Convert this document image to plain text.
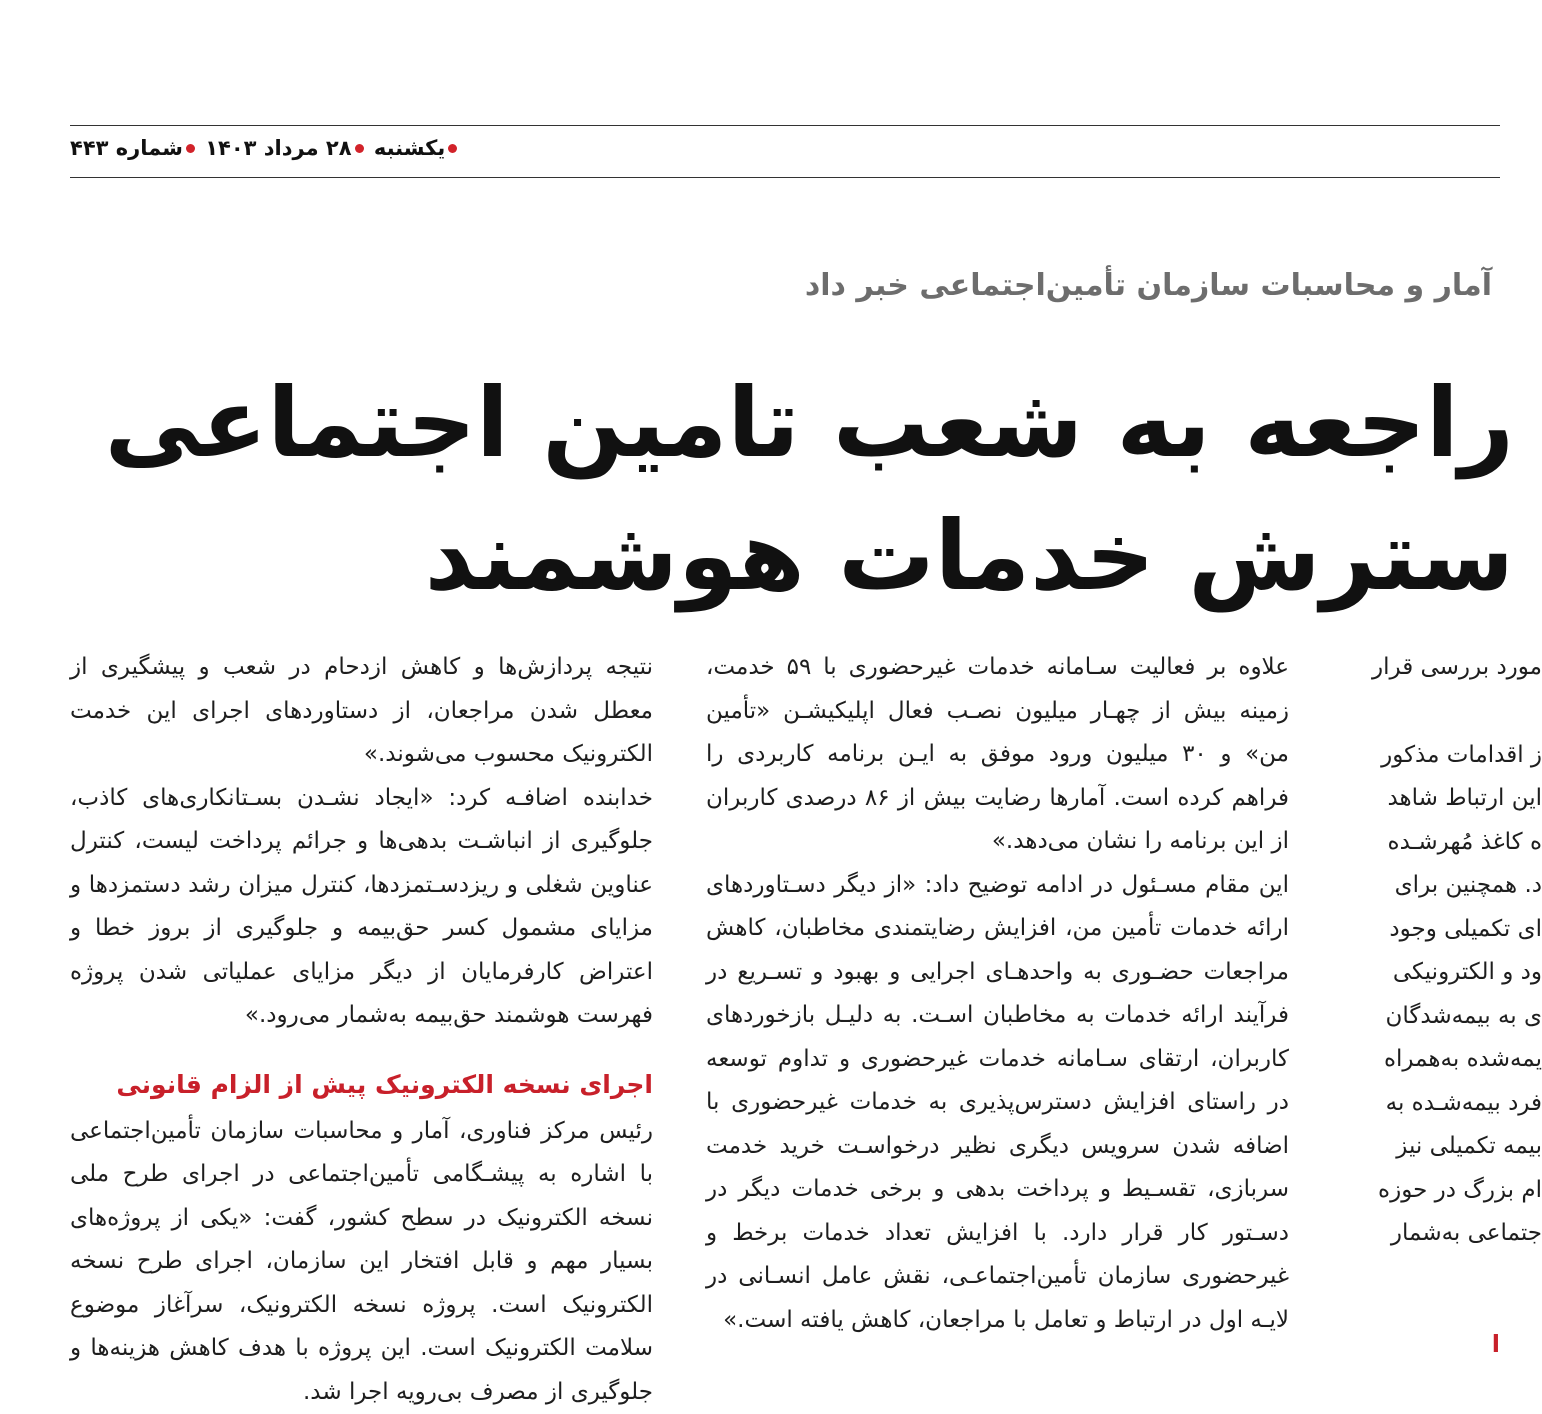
یکشنبه ۲۸ مرداد ۱۴۰۳ شماره ۴۴۳
آمار و محاسبات سازمان تأمین‌اجتماعی خبر داد
راجعه به شعب تامین اجتماعی
سترش خدمات هوشمند
مورد بررسی قرار
ز اقدامات مذکور
این ارتباط شاهد
ه کاغذ مُهرشـده
د. همچنین برای
ای تکمیلی وجود
ود و الکترونیکی
ی به بیمه‌شدگان
یمه‌شده به‌همراه
فرد بیمه‌شـده به
بیمه تکمیلی نیز
ام بزرگ در حوزه
جتماعی به‌شمار
ا

علاوه بر فعالیت سـامانه خدمات غیرحضوری با ۵۹ خدمت، زمینه بیش از چهـار میلیون نصـب فعال اپلیکیشـن «تأمین من» و ۳۰ میلیون ورود موفق به ایـن برنامه کاربردی را فراهم کرده است. آمارها رضایت بیش از ۸۶ درصدی کاربران از این برنامه را نشان می‌دهد.»

این مقام مسـئول در ادامه توضیح داد: «از دیگر دسـتاوردهای ارائه خدمات تأمین من، افزایش رضایتمندی مخاطبان، کاهش مراجعات حضـوری به واحدهـای اجرایی و بهبود و تسـریع در فرآیند ارائه خدمات به مخاطبان اسـت. به دلیـل بازخوردهای کاربران، ارتقای سـامانه خدمات غیرحضوری و تداوم توسعه در راستای افزایش دسترس‌پذیری به خدمات غیرحضوری با اضافه شدن سرویس دیگری نظیر درخواسـت خرید خدمت سربازی، تقسـیط و پرداخت بدهی و برخی خدمات دیگر در دسـتور کار قرار دارد. با افزایش تعداد خدمات برخط و غیرحضوری سازمان تأمین‌اجتماعـی، نقش عامل انسـانی در لایـه اول در ارتباط و تعامل با مراجعان، کاهش یافته است.»

نتیجه پردازش‌ها و کاهش ازدحام در شعب و پیشگیری از معطل شدن مراجعان، از دستاوردهای اجرای این خدمت الکترونیک محسوب می‌شوند.»

خدابنده اضافـه کرد: «ایجاد نشـدن بسـتانکاری‌های کاذب، جلوگیری از انباشـت بدهی‌ها و جرائم پرداخت لیست، کنترل عناوین شغلی و ریزدسـتمزدها، کنترل میزان رشد دستمزدها و مزایای مشمول کسر حق‌بیمه و جلوگیری از بروز خطا و اعتراض کارفرمایان از دیگر مزایای عملیاتی شدن پروژه فهرست هوشمند حق‌بیمه به‌شمار می‌رود.»

اجرای نسخه الکترونیک پیش از الزام قانونی

رئیس مرکز فناوری، آمار و محاسبات سازمان تأمین‌اجتماعی با اشاره به پیشـگامی تأمین‌اجتماعی در اجرای طرح ملی نسخه الکترونیک در سطح کشور، گفت: «یکی از پروژه‌های بسیار مهم و قابل افتخار این سازمان، اجرای طرح نسخه الکترونیک است. پروژه نسخه الکترونیک، سرآغاز موضوع سلامت الکترونیک است. این پروژه با هدف کاهش هزینه‌ها و جلوگیری از مصرف بی‌رویه اجرا شد.
